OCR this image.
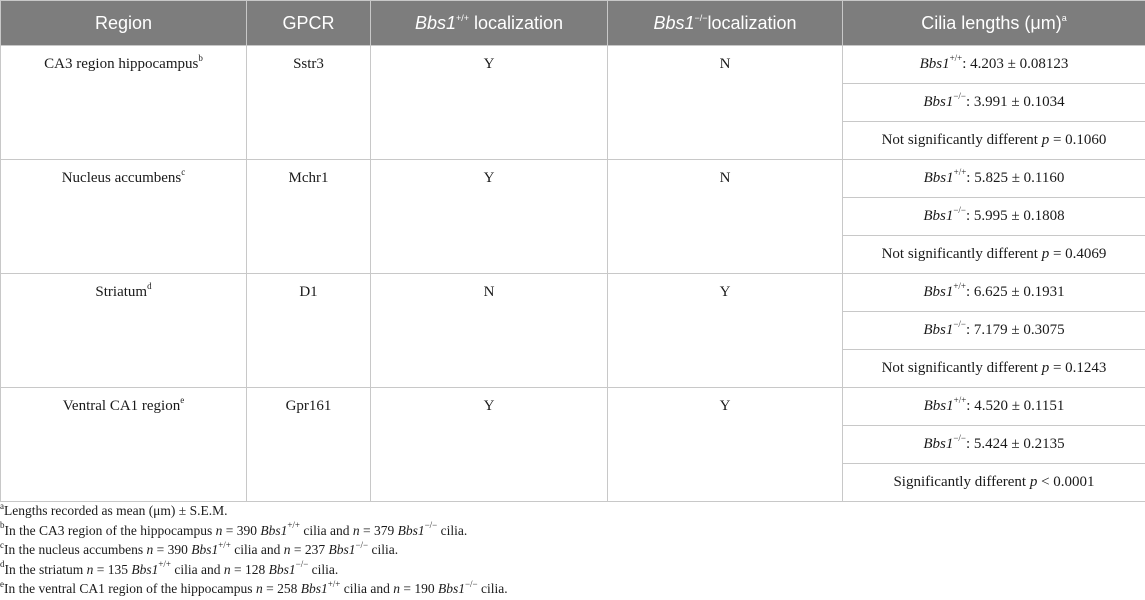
Region	GPCR	Bbs1+/+ localization	Bbs1−/−localization	Cilia lengths $(\mu m)^a$
CA3 region hippocampus$^b$	Sstr3	Y	N	Bbs1+/+: 4.203 ± 0.08123
				Bbs1−/−: 3.991 ± 0.1034
				Not significantly different p = 0.1060
Nucleus accumbens$^c$	Mchr1	Y	N	Bbs1+/+: 5.825 ± 0.1160
				Bbs1−/−: 5.995 ± 0.1808
				Not significantly different p = 0.4069
Striatum$^d$	D1	N	Y	Bbs1+/+: 6.625 ± 0.1931
				Bbs1−/−: 7.179 ± 0.3075
				Not significantly different p = 0.1243
Ventral CA1 region$^e$	Gpr161	Y	Y	Bbs1+/+: 4.520 ± 0.1151
				Bbs1−/−: 5.424 ± 0.2135
				Significantly different p < 0.0001
$^a$Lengths recorded as mean (μm) ± S.E.M.
$^b$In the CA3 region of the hippocampus n = 390 Bbs1+/+ cilia and n = 379 Bbs1−/− cilia.
$^c$In the nucleus accumbens n = 390 Bbs1+/+ cilia and n = 237 Bbs1−/− cilia.
$^d$In the striatum n = 135 Bbs1+/+ cilia and n = 128 Bbs1−/− cilia.
$^e$In the ventral CA1 region of the hippocampus n = 258 Bbs1+/+ cilia and n = 190 Bbs1−/− cilia.
